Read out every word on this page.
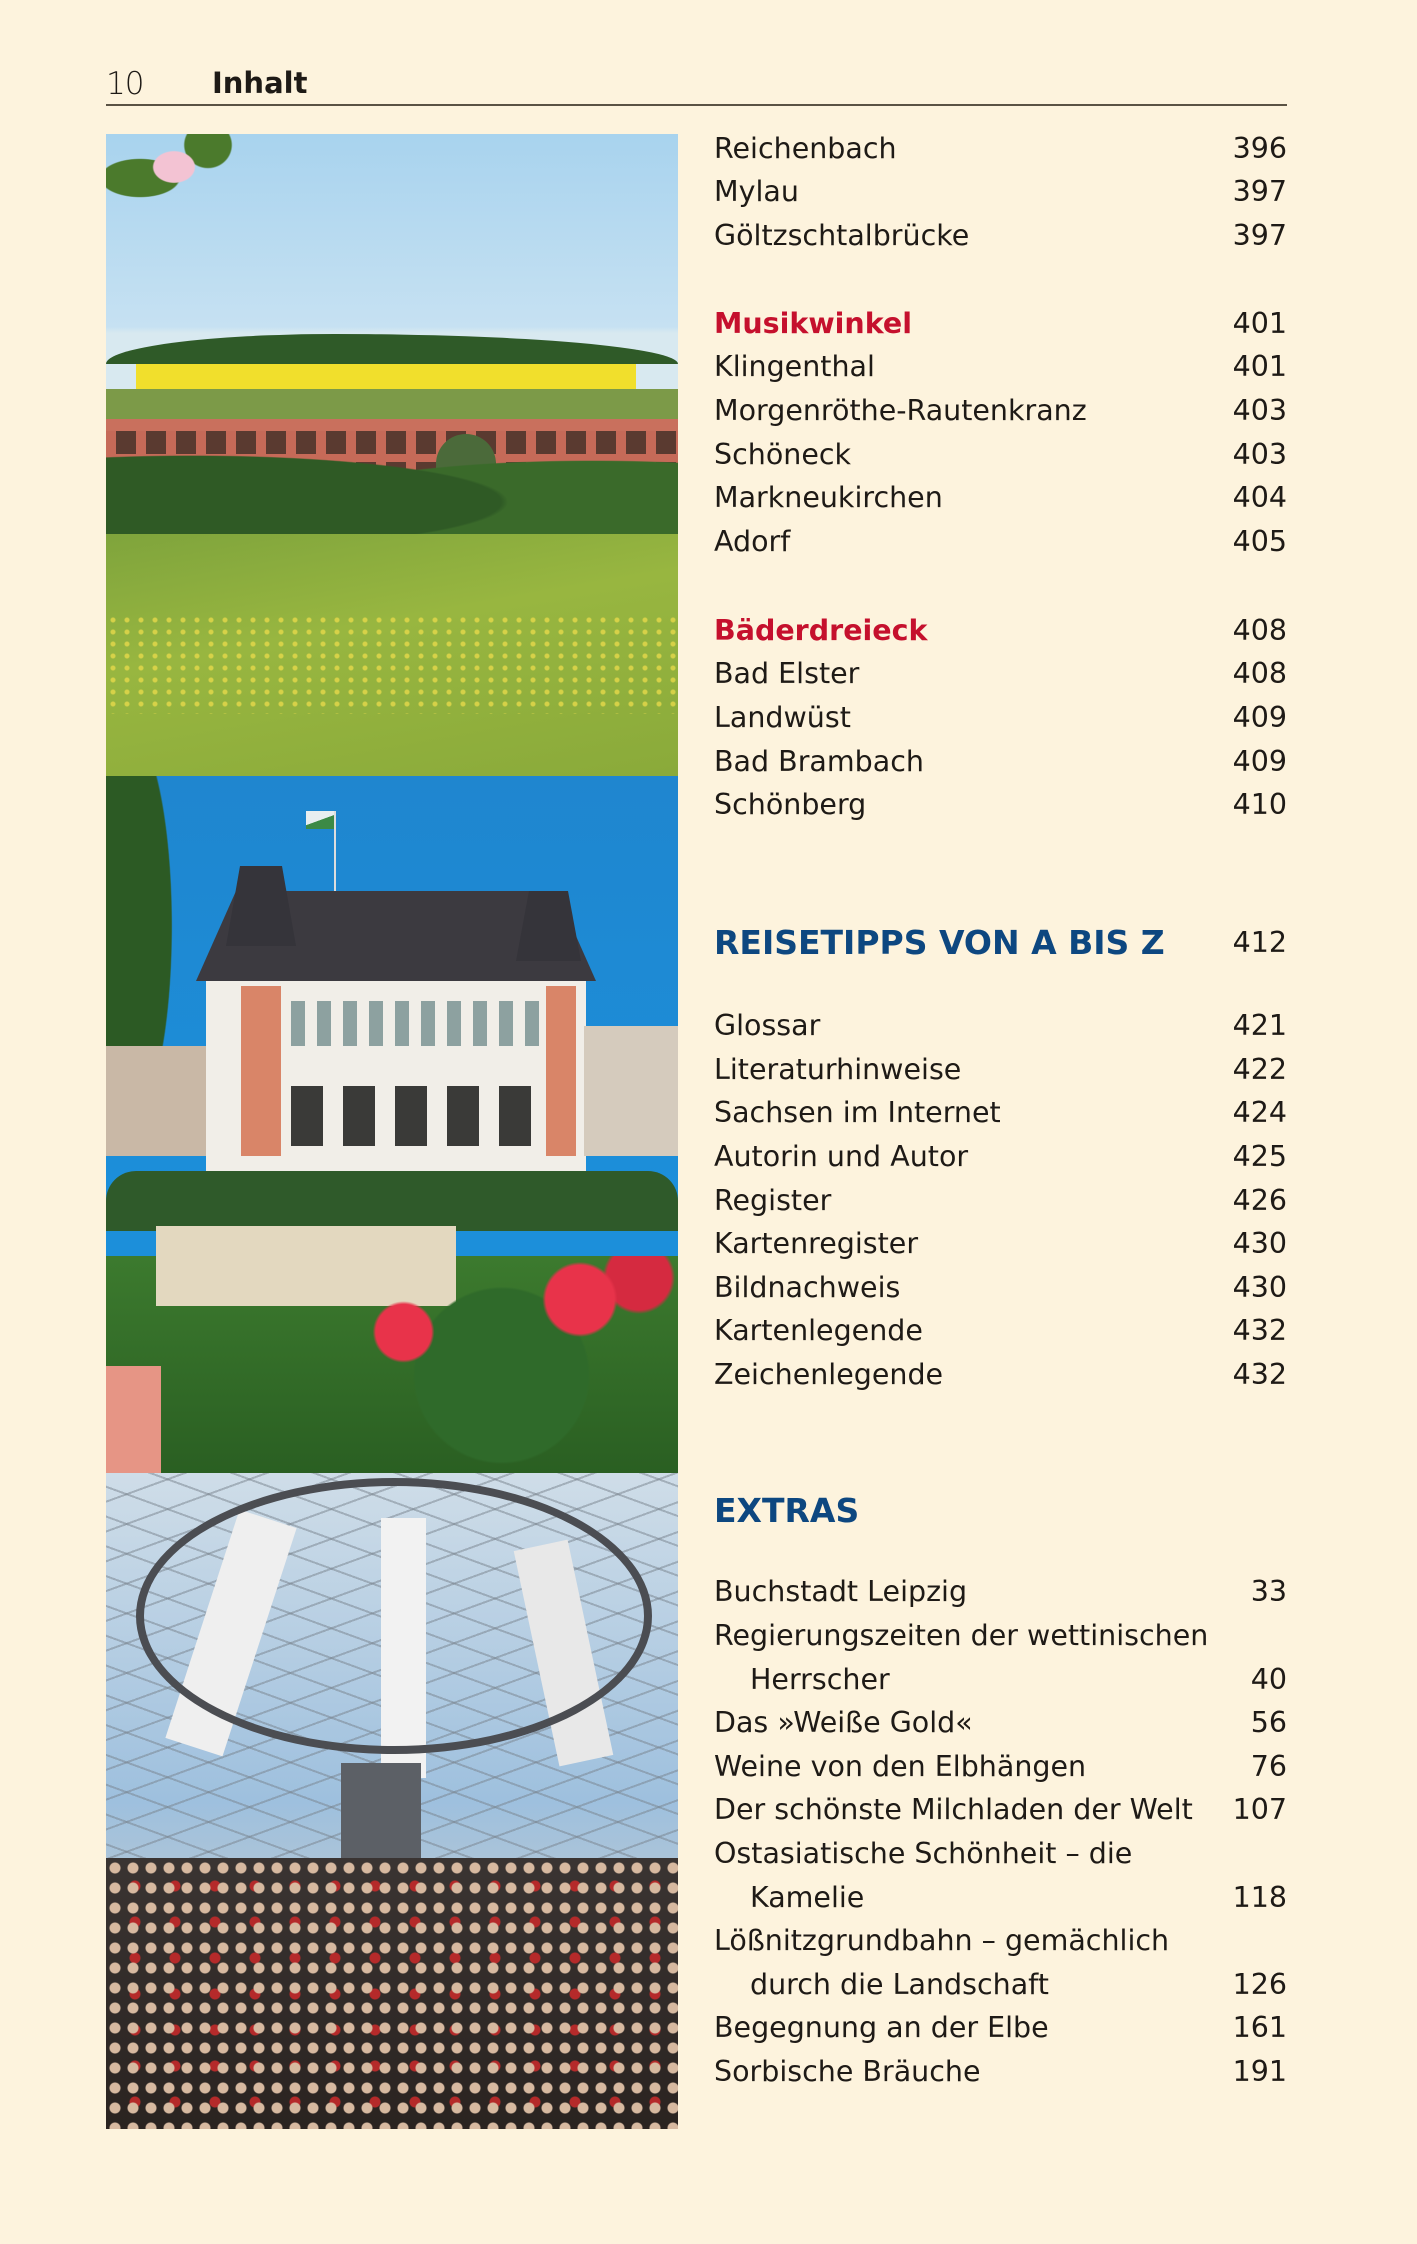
10 Inhalt
Reichenbach	396
Mylau	397
Göltzschtalbrücke	397
Musikwinkel	401
Klingenthal	401
Morgenröthe-Rautenkranz	403
Schöneck	403
Markneukirchen	404
Adorf	405
Bäderdreieck	408
Bad Elster	408
Landwüst	409
Bad Brambach	409
Schönberg	410
REISETIPPS VON A BIS Z 412
Glossar	421
Literaturhinweise	422
Sachsen im Internet	424
Autorin und Autor	425
Register	426
Kartenregister	430
Bildnachweis	430
Kartenlegende	432
Zeichenlegende	432
EXTRAS
Buchstadt Leipzig	33
Regierungszeiten der wettinischen
Herrscher	40
Das »Weiße Gold«	56
Weine von den Elbhängen	76
Der schönste Milchladen der Welt 107
Ostasiatische Schönheit – die
Kamelie	118
Lößnitzgrundbahn – gemächlich
durch die Landschaft	126
Begegnung an der Elbe	161
Sorbische Bräuche	191
